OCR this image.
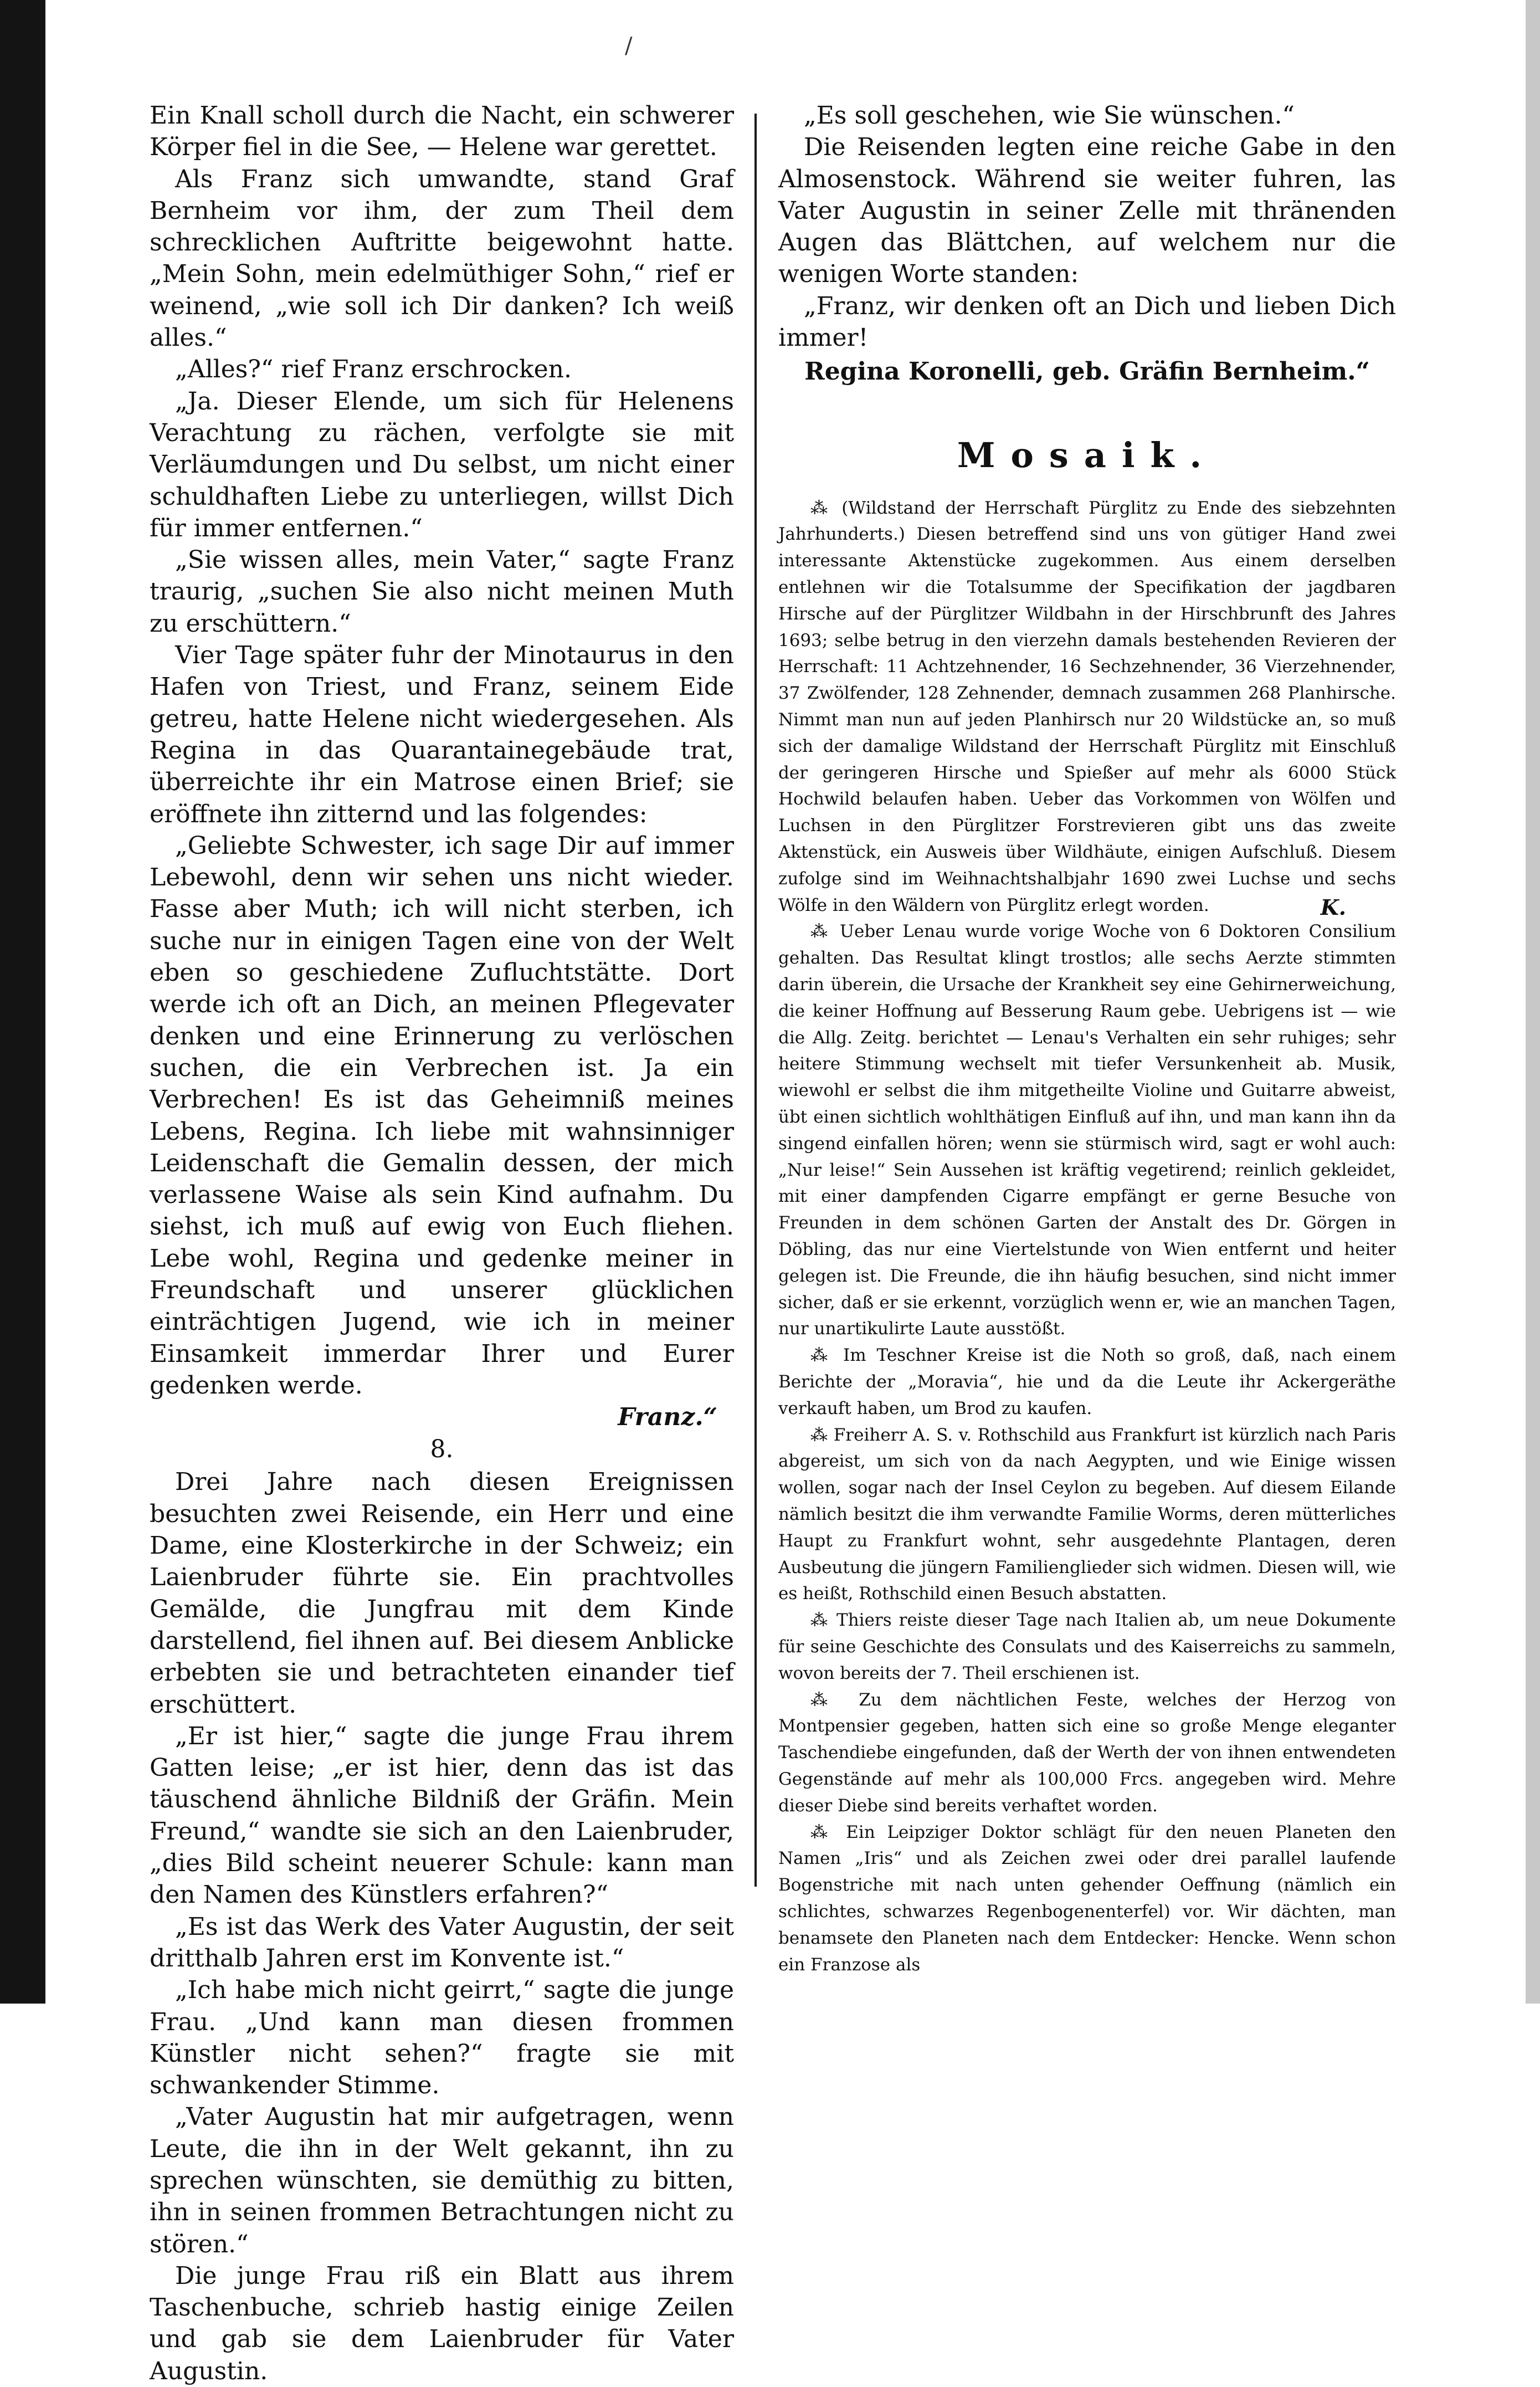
/

Ein Knall scholl durch die Nacht, ein schwerer Körper fiel in die See, — Helene war gerettet.

Als Franz sich umwandte, stand Graf Bernheim vor ihm, der zum Theil dem schrecklichen Auftritte beigewohnt hatte. „Mein Sohn, mein edelmüthiger Sohn,“ rief er weinend, „wie soll ich Dir danken? Ich weiß alles.“

„Alles?“ rief Franz erschrocken.

„Ja. Dieser Elende, um sich für Helenens Verachtung zu rächen, verfolgte sie mit Verläumdungen und Du selbst, um nicht einer schuldhaften Liebe zu unterliegen, willst Dich für immer entfernen.“

„Sie wissen alles, mein Vater,“ sagte Franz traurig, „suchen Sie also nicht meinen Muth zu erschüttern.“

Vier Tage später fuhr der Minotaurus in den Hafen von Triest, und Franz, seinem Eide getreu, hatte Helene nicht wiedergesehen. Als Regina in das Quarantainegebäude trat, überreichte ihr ein Matrose einen Brief; sie eröffnete ihn zitternd und las folgendes:

„Geliebte Schwester, ich sage Dir auf immer Lebewohl, denn wir sehen uns nicht wieder. Fasse aber Muth; ich will nicht sterben, ich suche nur in einigen Tagen eine von der Welt eben so geschiedene Zufluchtstätte. Dort werde ich oft an Dich, an meinen Pflegevater denken und eine Erinnerung zu verlöschen suchen, die ein Verbrechen ist. Ja ein Verbrechen! Es ist das Geheimniß meines Lebens, Regina. Ich liebe mit wahnsinniger Leidenschaft die Gemalin dessen, der mich verlassene Waise als sein Kind aufnahm. Du siehst, ich muß auf ewig von Euch fliehen. Lebe wohl, Regina und gedenke meiner in Freundschaft und unserer glücklichen einträchtigen Jugend, wie ich in meiner Einsamkeit immerdar Ihrer und Eurer gedenken werde.

Franz.“

8.

Drei Jahre nach diesen Ereignissen besuchten zwei Reisende, ein Herr und eine Dame, eine Klosterkirche in der Schweiz; ein Laienbruder führte sie. Ein prachtvolles Gemälde, die Jungfrau mit dem Kinde darstellend, fiel ihnen auf. Bei diesem Anblicke erbebten sie und betrachteten einander tief erschüttert.

„Er ist hier,“ sagte die junge Frau ihrem Gatten leise; „er ist hier, denn das ist das täuschend ähnliche Bildniß der Gräfin. Mein Freund,“ wandte sie sich an den Laienbruder, „dies Bild scheint neuerer Schule: kann man den Namen des Künstlers erfahren?“

„Es ist das Werk des Vater Augustin, der seit dritthalb Jahren erst im Konvente ist.“

„Ich habe mich nicht geirrt,“ sagte die junge Frau. „Und kann man diesen frommen Künstler nicht sehen?“ fragte sie mit schwankender Stimme.

„Vater Augustin hat mir aufgetragen, wenn Leute, die ihn in der Welt gekannt, ihn zu sprechen wünschten, sie demüthig zu bitten, ihn in seinen frommen Betrachtungen nicht zu stören.“

Die junge Frau riß ein Blatt aus ihrem Taschenbuche, schrieb hastig einige Zeilen und gab sie dem Laienbruder für Vater Augustin.

„Es soll geschehen, wie Sie wünschen.“

Die Reisenden legten eine reiche Gabe in den Almosenstock. Während sie weiter fuhren, las Vater Augustin in seiner Zelle mit thränenden Augen das Blättchen, auf welchem nur die wenigen Worte standen:

„Franz, wir denken oft an Dich und lieben Dich immer!

Regina Koronelli, geb. Gräfin Bernheim.“

Mosaik.

⁂ (Wildstand der Herrschaft Pürglitz zu Ende des siebzehnten Jahrhunderts.) Diesen betreffend sind uns von gütiger Hand zwei interessante Aktenstücke zugekommen. Aus einem derselben entlehnen wir die Totalsumme der Specifikation der jagdbaren Hirsche auf der Pürglitzer Wildbahn in der Hirschbrunft des Jahres 1693; selbe betrug in den vierzehn damals bestehenden Revieren der Herrschaft: 11 Achtzehnender, 16 Sechzehnender, 36 Vierzehnender, 37 Zwölfender, 128 Zehnender, demnach zusammen 268 Planhirsche. Nimmt man nun auf jeden Planhirsch nur 20 Wildstücke an, so muß sich der damalige Wildstand der Herrschaft Pürglitz mit Einschluß der geringeren Hirsche und Spießer auf mehr als 6000 Stück Hochwild belaufen haben. Ueber das Vorkommen von Wölfen und Luchsen in den Pürglitzer Forstrevieren gibt uns das zweite Aktenstück, ein Ausweis über Wildhäute, einigen Aufschluß. Diesem zufolge sind im Weihnachtshalbjahr 1690 zwei Luchse und sechs Wölfe in den Wäldern von Pürglitz erlegt worden.	K.

⁂ Ueber Lenau wurde vorige Woche von 6 Doktoren Consilium gehalten. Das Resultat klingt trostlos; alle sechs Aerzte stimmten darin überein, die Ursache der Krankheit sey eine Gehirnerweichung, die keiner Hoffnung auf Besserung Raum gebe. Uebrigens ist — wie die Allg. Zeitg. berichtet — Lenau's Verhalten ein sehr ruhiges; sehr heitere Stimmung wechselt mit tiefer Versunkenheit ab. Musik, wiewohl er selbst die ihm mitgetheilte Violine und Guitarre abweist, übt einen sichtlich wohlthätigen Einfluß auf ihn, und man kann ihn da singend einfallen hören; wenn sie stürmisch wird, sagt er wohl auch: „Nur leise!“ Sein Aussehen ist kräftig vegetirend; reinlich gekleidet, mit einer dampfenden Cigarre empfängt er gerne Besuche von Freunden in dem schönen Garten der Anstalt des Dr. Görgen in Döbling, das nur eine Viertelstunde von Wien entfernt und heiter gelegen ist. Die Freunde, die ihn häufig besuchen, sind nicht immer sicher, daß er sie erkennt, vorzüglich wenn er, wie an manchen Tagen, nur unartikulirte Laute ausstößt.

⁂ Im Teschner Kreise ist die Noth so groß, daß, nach einem Berichte der „Moravia“, hie und da die Leute ihr Ackergeräthe verkauft haben, um Brod zu kaufen.

⁂ Freiherr A. S. v. Rothschild aus Frankfurt ist kürzlich nach Paris abgereist, um sich von da nach Aegypten, und wie Einige wissen wollen, sogar nach der Insel Ceylon zu begeben. Auf diesem Eilande nämlich besitzt die ihm verwandte Familie Worms, deren mütterliches Haupt zu Frankfurt wohnt, sehr ausgedehnte Plantagen, deren Ausbeutung die jüngern Familienglieder sich widmen. Diesen will, wie es heißt, Rothschild einen Besuch abstatten.

⁂ Thiers reiste dieser Tage nach Italien ab, um neue Dokumente für seine Geschichte des Consulats und des Kaiserreichs zu sammeln, wovon bereits der 7. Theil erschienen ist.

⁂ Zu dem nächtlichen Feste, welches der Herzog von Montpensier gegeben, hatten sich eine so große Menge eleganter Taschendiebe eingefunden, daß der Werth der von ihnen entwendeten Gegenstände auf mehr als 100,000 Frcs. angegeben wird. Mehre dieser Diebe sind bereits verhaftet worden.

⁂ Ein Leipziger Doktor schlägt für den neuen Planeten den Namen „Iris“ und als Zeichen zwei oder drei parallel laufende Bogenstriche mit nach unten gehender Oeffnung (nämlich ein schlichtes, schwarzes Regenbogenenterfel) vor. Wir dächten, man benamsete den Planeten nach dem Entdecker: Hencke. Wenn schon ein Franzose als
